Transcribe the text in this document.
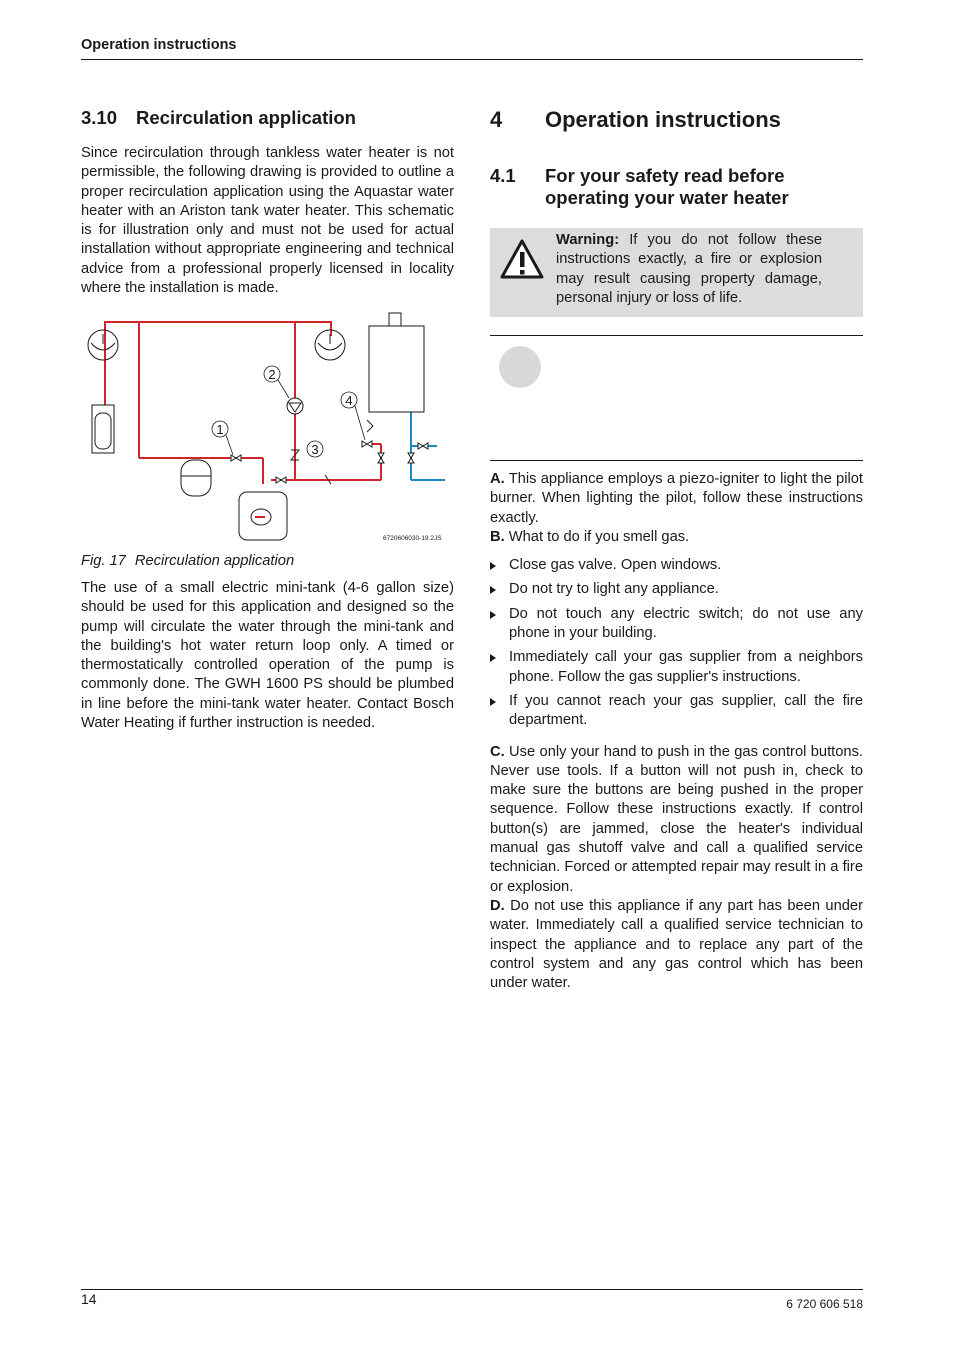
Operation instructions
3.10	Recirculation application

Since recirculation through tankless water heater is not permissible, the following drawing is provided to outline a proper recirculation application using the Aquastar water heater with an Ariston tank water heater. This schematic is for illustration only and must not be used for actual installation without appropriate engineering and technical advice from a professional properly licensed in locality where the installation is made.

1
2
3
4
6720606030-19.2JS
Fig. 17 Recirculation application

The use of a small electric mini-tank (4-6 gallon size) should be used for this application and designed so the pump will circulate the water through the mini-tank and the building's hot water return loop only. A timed or thermostatically controlled operation of the pump is commonly done. The GWH 1600 PS should be plumbed in line before the mini-tank water heater. Contact Bosch Water Heating if further instruction is needed.

4	Operation instructions
4.1	For your safety read before
operating your water heater
Warning: If you do not follow these instructions exactly, a fire or explosion may result causing property damage, personal injury or loss of life.

A. This appliance employs a piezo-igniter to light the pilot burner. When lighting the pilot, follow these instructions exactly.

B. What to do if you smell gas.

Close gas valve. Open windows.
Do not try to light any appliance.
Do not touch any electric switch; do not use any phone in your building.
Immediately call your gas supplier from a neighbors phone. Follow the gas supplier's instructions.
If you cannot reach your gas supplier, call the fire department.

C. Use only your hand to push in the gas control buttons. Never use tools. If a button will not push in, check to make sure the buttons are being pushed in the proper sequence. Follow these instructions exactly. If control button(s) are jammed, close the heater's individual manual gas shutoff valve and call a qualified service technician. Forced or attempted repair may result in a fire or explosion.

D. Do not use this appliance if any part has been under water. Immediately call a qualified service technician to inspect the appliance and to replace any part of the control system and any gas control which has been under water.

14	6 720 606 518
